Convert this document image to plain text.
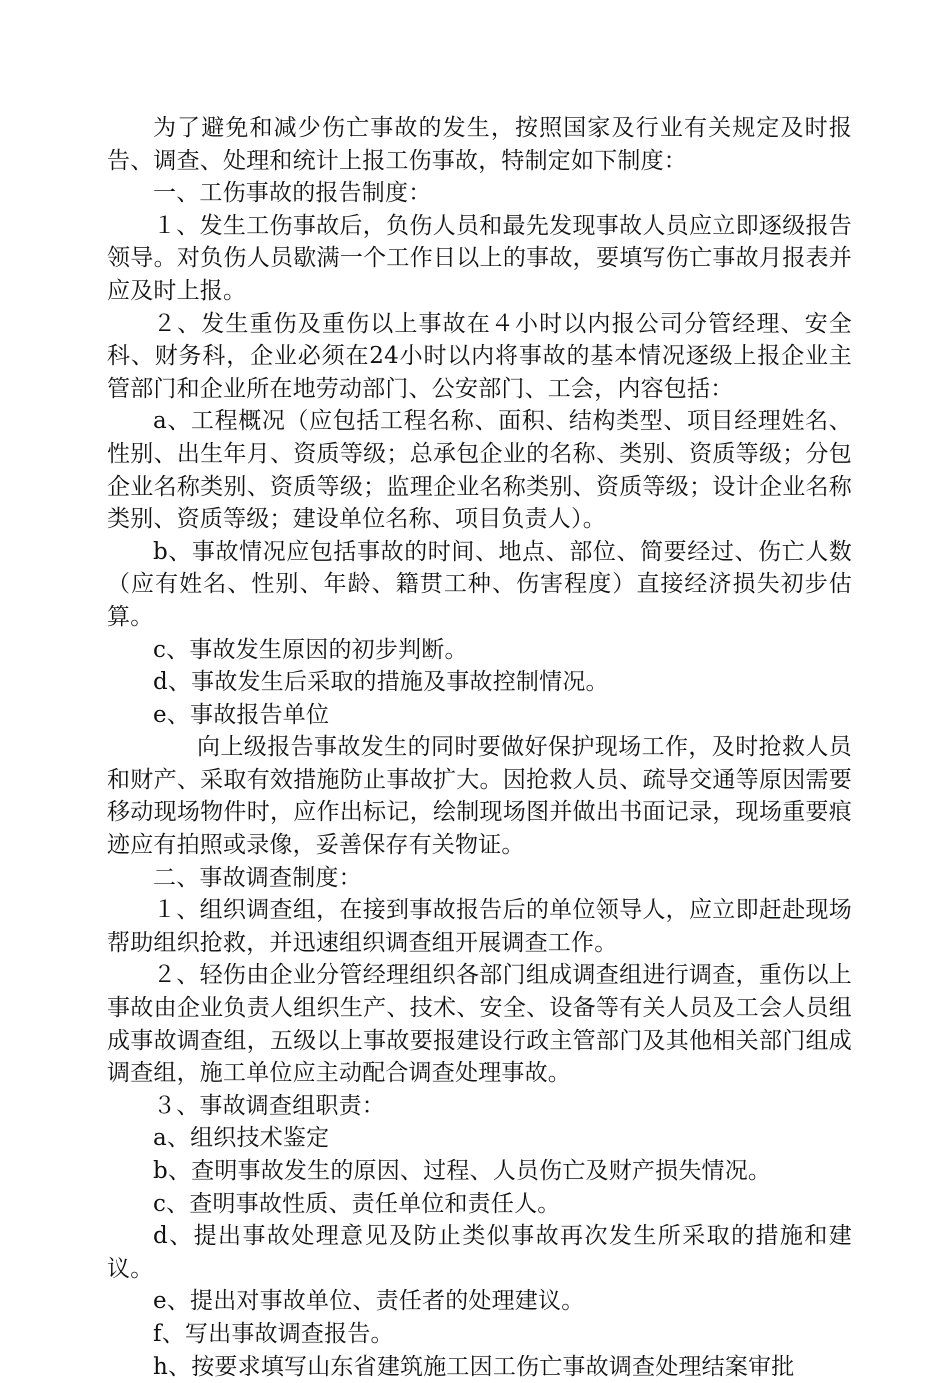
为了避免和减少伤亡事故的发生，按照国家及行业有关规定及时报告、调查、处理和统计上报工伤事故，特制定如下制度：

一、工伤事故的报告制度：

１、发生工伤事故后，负伤人员和最先发现事故人员应立即逐级报告领导。对负伤人员歇满一个工作日以上的事故，要填写伤亡事故月报表并应及时上报。

２、发生重伤及重伤以上事故在４小时以内报公司分管经理、安全科、财务科，企业必须在24小时以内将事故的基本情况逐级上报企业主管部门和企业所在地劳动部门、公安部门、工会，内容包括：

a、工程概况（应包括工程名称、面积、结构类型、项目经理姓名、性别、出生年月、资质等级；总承包企业的名称、类别、资质等级；分包企业名称类别、资质等级；监理企业名称类别、资质等级；设计企业名称类别、资质等级；建设单位名称、项目负责人）。

b、事故情况应包括事故的时间、地点、部位、简要经过、伤亡人数（应有姓名、性别、年龄、籍贯工种、伤害程度）直接经济损失初步估算。

c、事故发生原因的初步判断。

d、事故发生后采取的措施及事故控制情况。

e、事故报告单位

向上级报告事故发生的同时要做好保护现场工作，及时抢救人员和财产、采取有效措施防止事故扩大。因抢救人员、疏导交通等原因需要移动现场物件时，应作出标记，绘制现场图并做出书面记录，现场重要痕迹应有拍照或录像，妥善保存有关物证。

二、事故调查制度：

１、组织调查组，在接到事故报告后的单位领导人，应立即赶赴现场帮助组织抢救，并迅速组织调查组开展调查工作。

２、轻伤由企业分管经理组织各部门组成调查组进行调查，重伤以上事故由企业负责人组织生产、技术、安全、设备等有关人员及工会人员组成事故调查组，五级以上事故要报建设行政主管部门及其他相关部门组成调查组，施工单位应主动配合调查处理事故。

３、事故调查组职责：

a、组织技术鉴定

b、查明事故发生的原因、过程、人员伤亡及财产损失情况。

c、查明事故性质、责任单位和责任人。

d、提出事故处理意见及防止类似事故再次发生所采取的措施和建议。

e、提出对事故单位、责任者的处理建议。

f、写出事故调查报告。

h、按要求填写山东省建筑施工因工伤亡事故调查处理结案审批
